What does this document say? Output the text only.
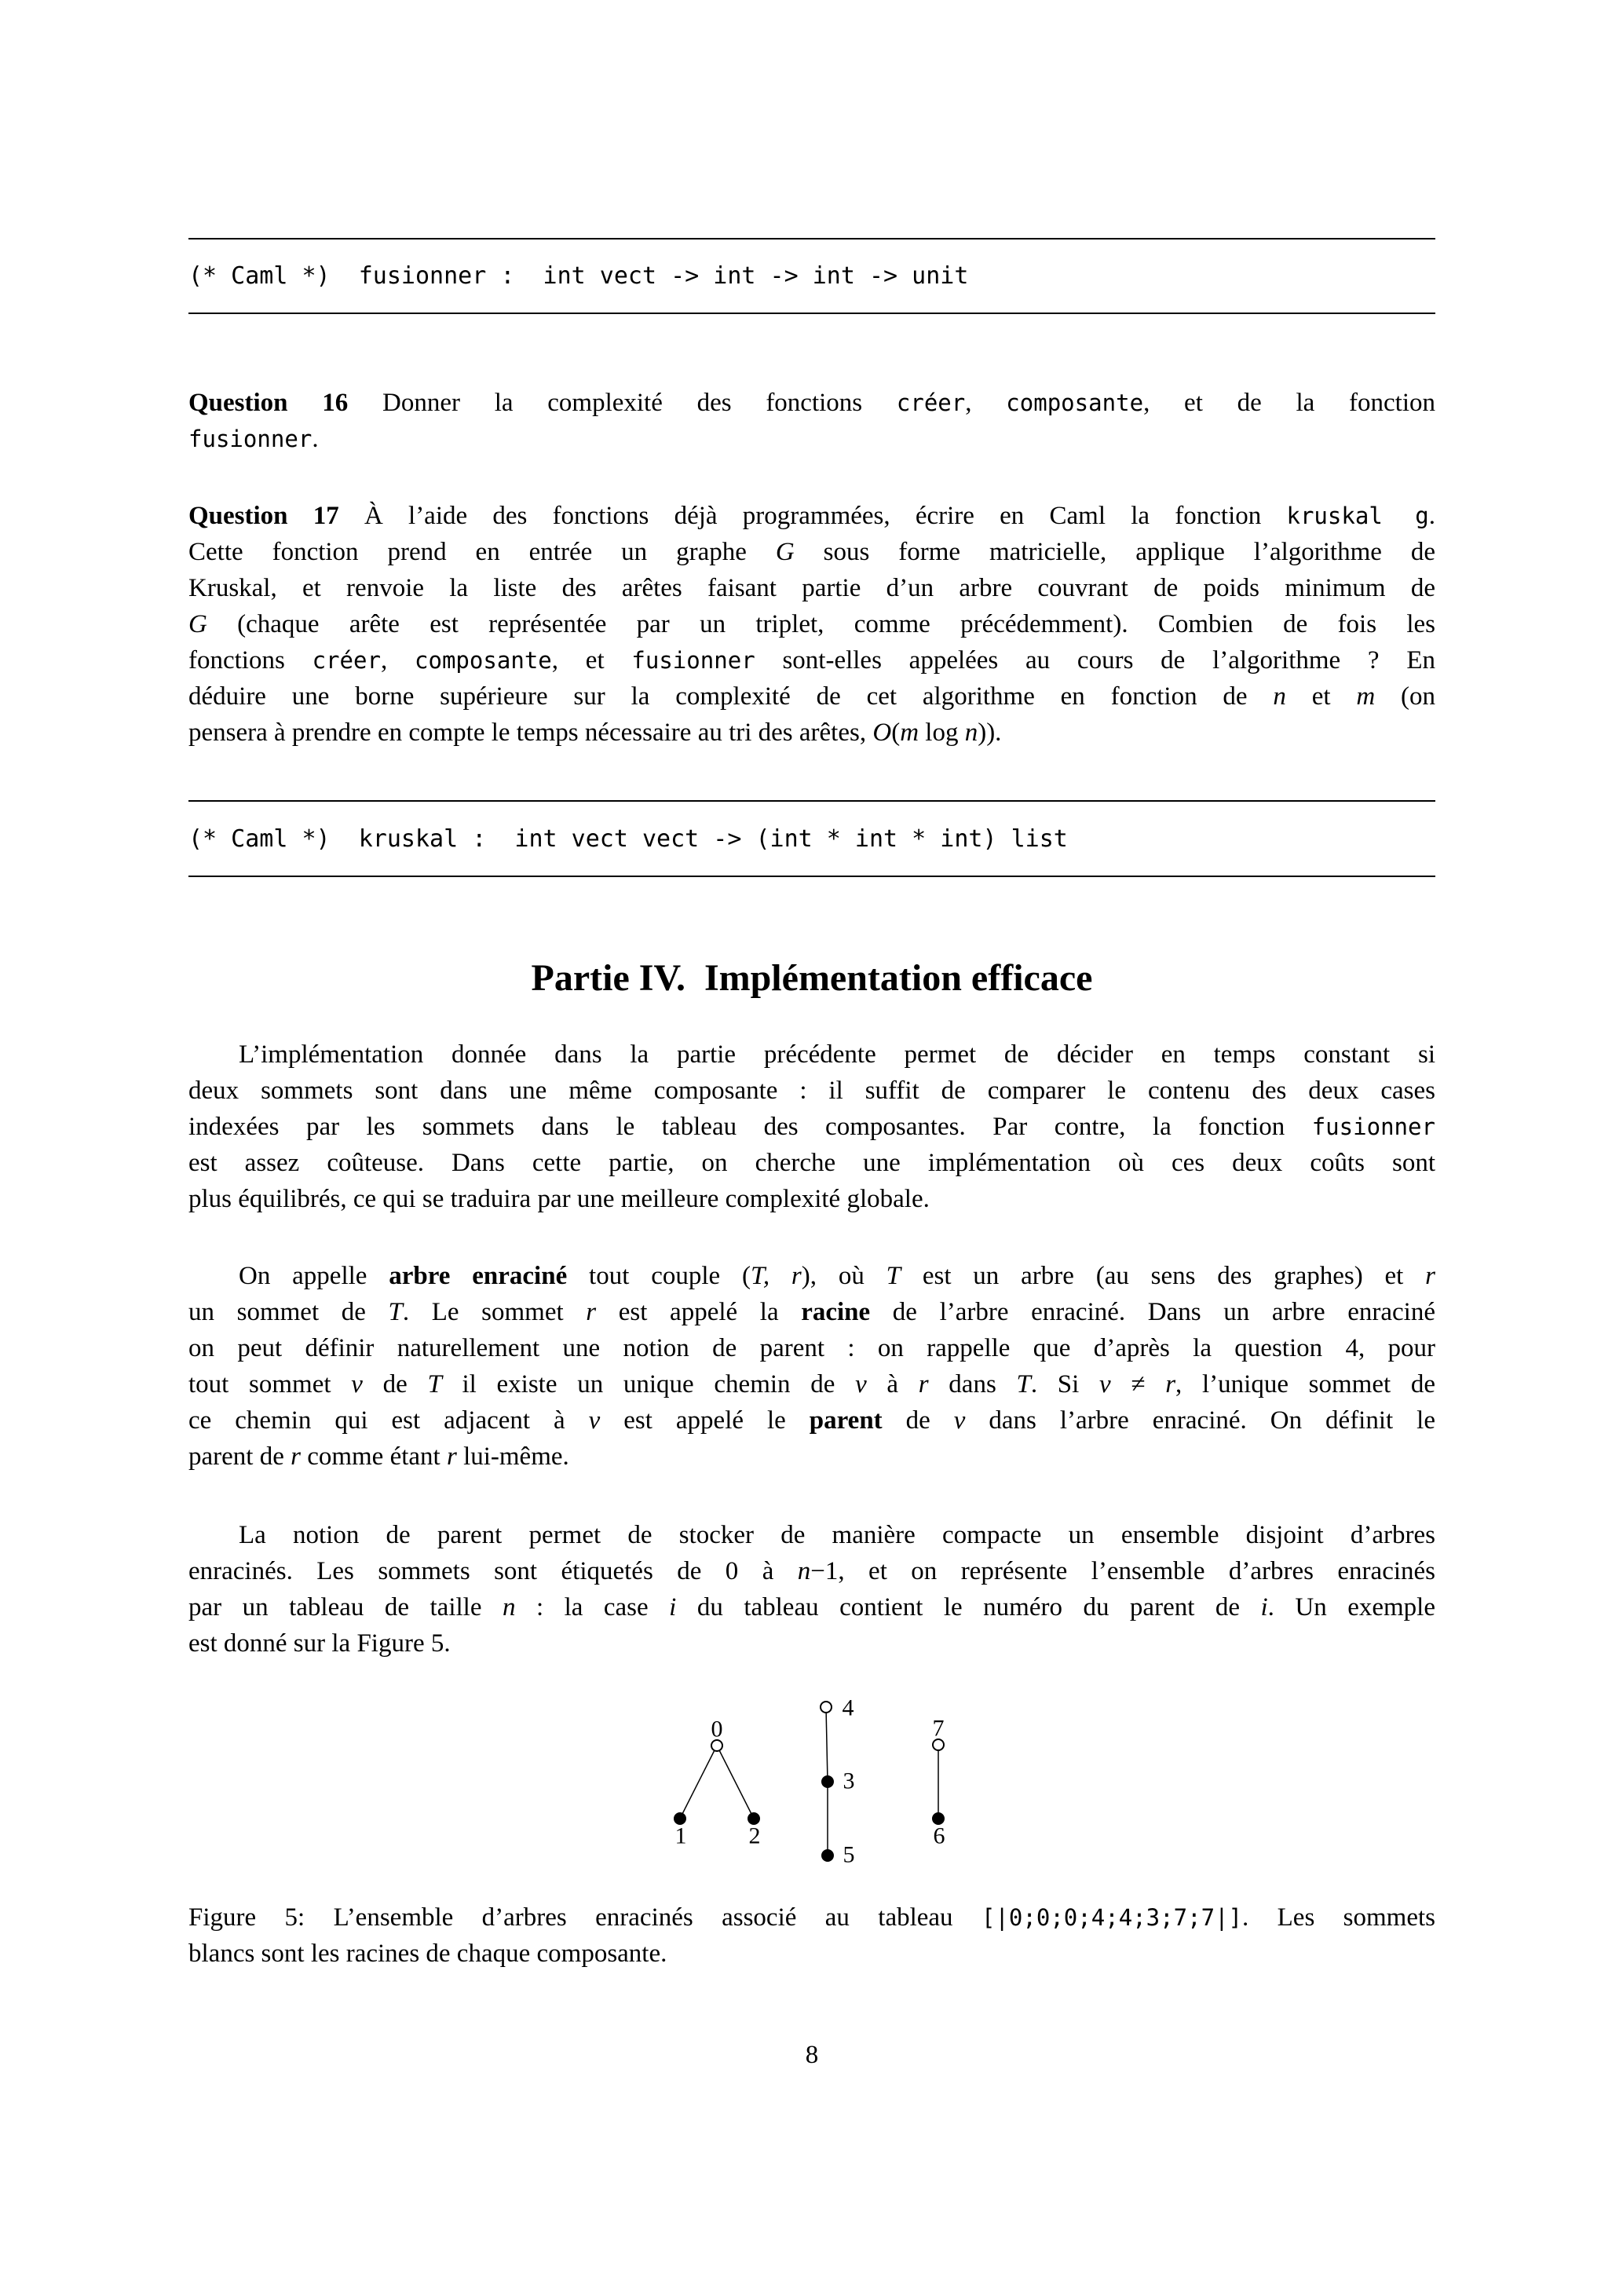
(* Caml *)  fusionner :  int vect -> int -> int -> unit
Question 16 Donner la complexité des fonctions créer, composante, et de la fonction
fusionner.
Question 17 À l’aide des fonctions déjà programmées, écrire en Caml la fonction kruskal g.
Cette fonction prend en entrée un graphe G sous forme matricielle, applique l’algorithme de
Kruskal, et renvoie la liste des arêtes faisant partie d’un arbre couvrant de poids minimum de
G (chaque arête est représentée par un triplet, comme précédemment). Combien de fois les
fonctions créer, composante, et fusionner sont-elles appelées au cours de l’algorithme ? En
déduire une borne supérieure sur la complexité de cet algorithme en fonction de n et m (on
pensera à prendre en compte le temps nécessaire au tri des arêtes, O(m log n)).
(* Caml *)  kruskal :  int vect vect -> (int * int * int) list
Partie IV.  Implémentation efficace
L’implémentation donnée dans la partie précédente permet de décider en temps constant si
deux sommets sont dans une même composante : il suffit de comparer le contenu des deux cases
indexées par les sommets dans le tableau des composantes. Par contre, la fonction fusionner
est assez coûteuse. Dans cette partie, on cherche une implémentation où ces deux coûts sont
plus équilibrés, ce qui se traduira par une meilleure complexité globale.
On appelle arbre enraciné tout couple (T, r), où T est un arbre (au sens des graphes) et r
un sommet de T. Le sommet r est appelé la racine de l’arbre enraciné. Dans un arbre enraciné
on peut définir naturellement une notion de parent : on rappelle que d’après la question 4, pour
tout sommet v de T il existe un unique chemin de v à r dans T. Si v ≠ r, l’unique sommet de
ce chemin qui est adjacent à v est appelé le parent de v dans l’arbre enraciné. On définit le
parent de r comme étant r lui-même.
La notion de parent permet de stocker de manière compacte un ensemble disjoint d’arbres
enracinés. Les sommets sont étiquetés de 0 à n−1, et on représente l’ensemble d’arbres enracinés
par un tableau de taille n : la case i du tableau contient le numéro du parent de i. Un exemple
est donné sur la Figure 5.
0
1	2
4
3
5
7
6
Figure 5: L’ensemble d’arbres enracinés associé au tableau [|0;0;0;4;4;3;7;7|]. Les sommets
blancs sont les racines de chaque composante.
8
